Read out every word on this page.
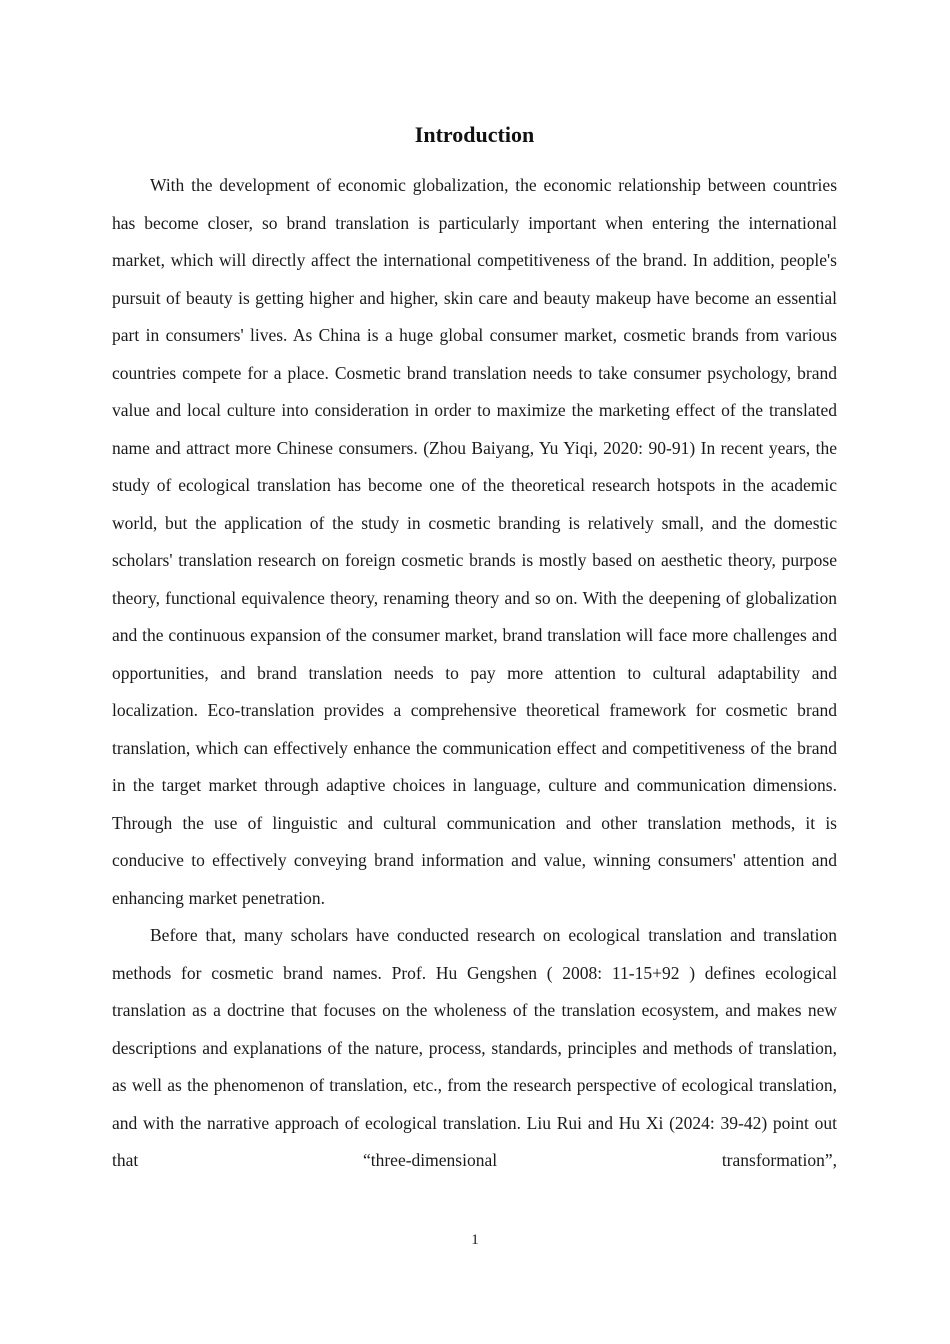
Introduction

With the development of economic globalization, the economic relationship between countries has become closer, so brand translation is particularly important when entering the international market, which will directly affect the international competitiveness of the brand. In addition, people's pursuit of beauty is getting higher and higher, skin care and beauty makeup have become an essential part in consumers' lives. As China is a huge global consumer market, cosmetic brands from various countries compete for a place. Cosmetic brand translation needs to take consumer psychology, brand value and local culture into consideration in order to maximize the marketing effect of the translated name and attract more Chinese consumers. (Zhou Baiyang, Yu Yiqi, 2020: 90-91) In recent years, the study of ecological translation has become one of the theoretical research hotspots in the academic world, but the application of the study in cosmetic branding is relatively small, and the domestic scholars' translation research on foreign cosmetic brands is mostly based on aesthetic theory, purpose theory, functional equivalence theory, renaming theory and so on. With the deepening of globalization and the continuous expansion of the consumer market, brand translation will face more challenges and opportunities, and brand translation needs to pay more attention to cultural adaptability and localization. Eco-translation provides a comprehensive theoretical framework for cosmetic brand translation, which can effectively enhance the communication effect and competitiveness of the brand in the target market through adaptive choices in language, culture and communication dimensions. Through the use of linguistic and cultural communication and other translation methods, it is conducive to effectively conveying brand information and value, winning consumers' attention and enhancing market penetration.

Before that, many scholars have conducted research on ecological translation and translation methods for cosmetic brand names. Prof. Hu Gengshen ( 2008: 11-15+92 ) defines ecological translation as a doctrine that focuses on the wholeness of the translation ecosystem, and makes new descriptions and explanations of the nature, process, standards, principles and methods of translation, as well as the phenomenon of translation, etc., from the research perspective of ecological translation, and with the narrative approach of ecological translation. Liu Rui and Hu Xi (2024: 39-42) point out that “three-dimensional transformation”,

1
